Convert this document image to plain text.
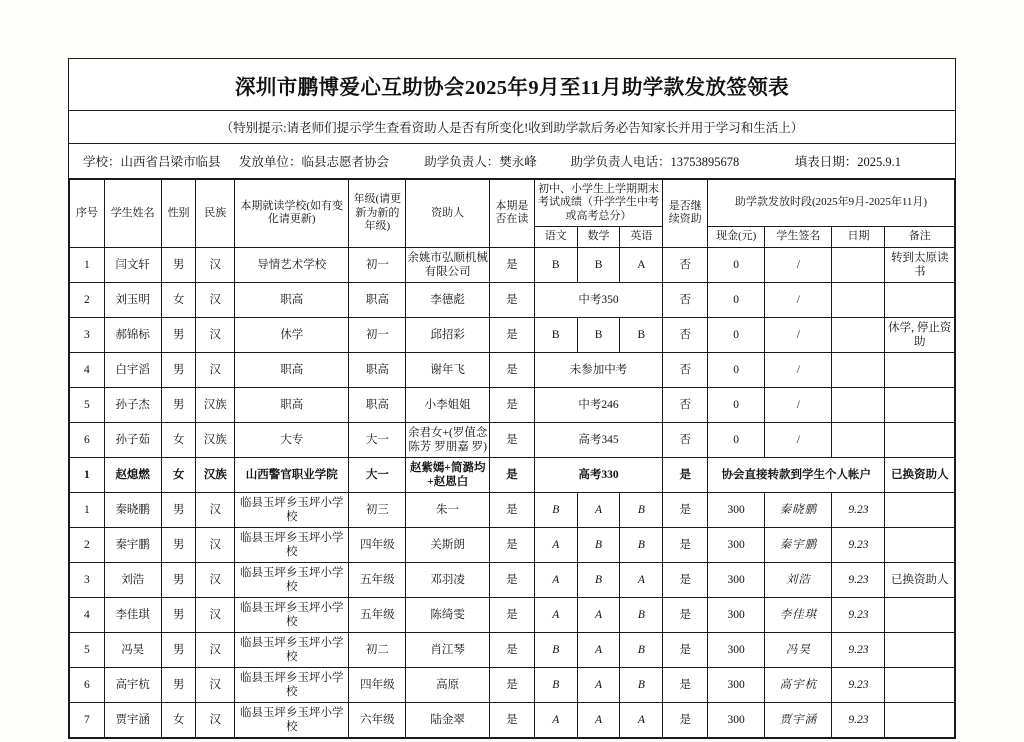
深圳市鹏博爱心互助协会2025年9月至11月助学款发放签领表
（特别提示:请老师们提示学生查看资助人是否有所变化!收到助学款后务必告知家长并用于学习和生活上）
学校：山西省吕梁市临县	发放单位：临县志愿者协会	助学负责人：樊永峰	助学负责人电话：13753895678	填表日期：2025.9.1
序号	学生姓名	性别	民族	本期就读学校(如有变化请更新)	年级(请更新为新的年级)	资助人	本期是否在读	初中、小学生上学期期末考试成绩（升学学生中考或高考总分）			是否继续资助	助学款发放时段(2025年9月-2025年11月)			
								语文	数学	英语		现金(元)	学生签名	日期	备注
1	闫文轩	男	汉	导情艺术学校	初一	余姚市弘顺机械有限公司	是	B	B	A	否	0	/		转到太原读书
2	刘玉明	女	汉	职高	职高	李德彪	是	中考350			否	0	/		
3	郝锦标	男	汉	休学	初一	邱招彩	是	B	B	B	否	0	/		休学, 停止资助
4	白宇滔	男	汉	职高	职高	谢年飞	是	未参加中考			否	0	/		
5	孙子杰	男	汉族	职高	职高	小李姐姐	是	中考246			否	0	/		
6	孙子茹	女	汉族	大专	大一	余君女+(罗值念 陈芳 罗朋嘉 罗)	是	高考345			否	0	/		
1	赵熄燃	女	汉族	山西警官职业学院	大一	赵紫嫣+简潞均+赵恩白	是	高考330			是	协会直接转款到学生个人帐户			已换资助人
1	秦晓鹏	男	汉	临县玉坪乡玉坪小学校	初三	朱一	是	B	A	B	是	300	秦晓鹏	9.23	
2	秦宇鹏	男	汉	临县玉坪乡玉坪小学校	四年级	关斯朗	是	A	B	B	是	300	秦宇鹏	9.23	
3	刘浩	男	汉	临县玉坪乡玉坪小学校	五年级	邓羽凌	是	A	B	A	是	300	刘浩	9.23	已换资助人
4	李佳琪	男	汉	临县玉坪乡玉坪小学校	五年级	陈绮雯	是	A	A	B	是	300	李佳琪	9.23	
5	冯昊	男	汉	临县玉坪乡玉坪小学校	初二	肖江琴	是	B	A	B	是	300	冯昊	9.23	
6	高宇杭	男	汉	临县玉坪乡玉坪小学校	四年级	高原	是	B	A	B	是	300	高宇杭	9.23	
7	贾宇涵	女	汉	临县玉坪乡玉坪小学校	六年级	陆金翠	是	A	A	A	是	300	贾宇涵	9.23	
